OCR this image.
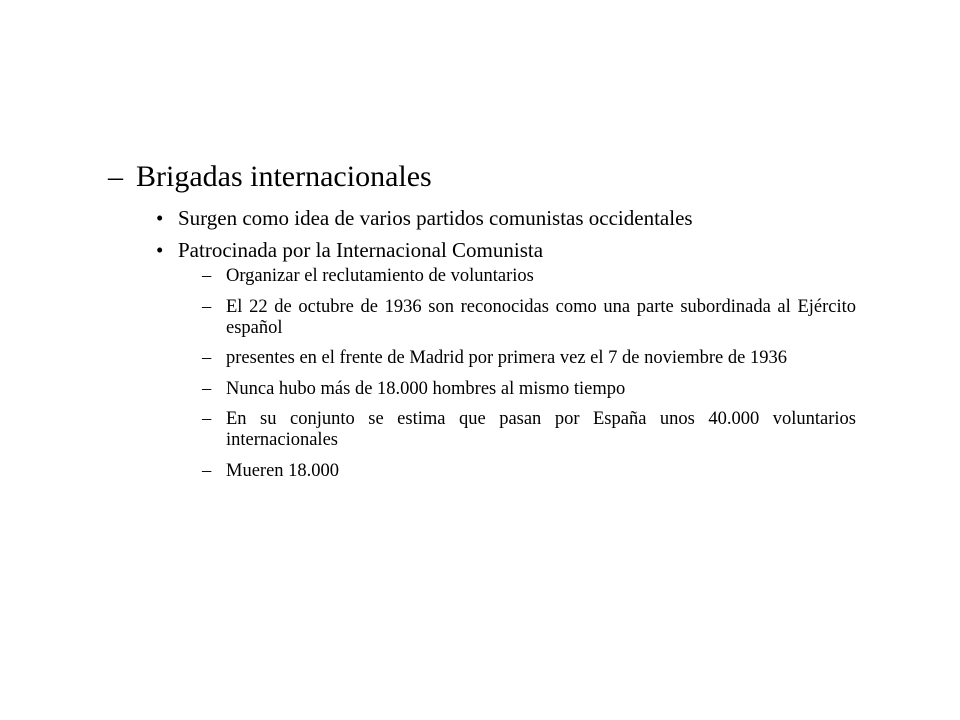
– Brigadas internacionales
• Surgen como idea de varios partidos comunistas occidentales
• Patrocinada por la Internacional Comunista
– Organizar el reclutamiento de voluntarios
– El 22 de octubre de 1936 son reconocidas como una parte subordinada al Ejército español
– presentes en el frente de Madrid por primera vez el 7 de noviembre de 1936
– Nunca hubo más de 18.000 hombres al mismo tiempo
– En su conjunto se estima que pasan por España unos 40.000 voluntarios internacionales
– Mueren 18.000
